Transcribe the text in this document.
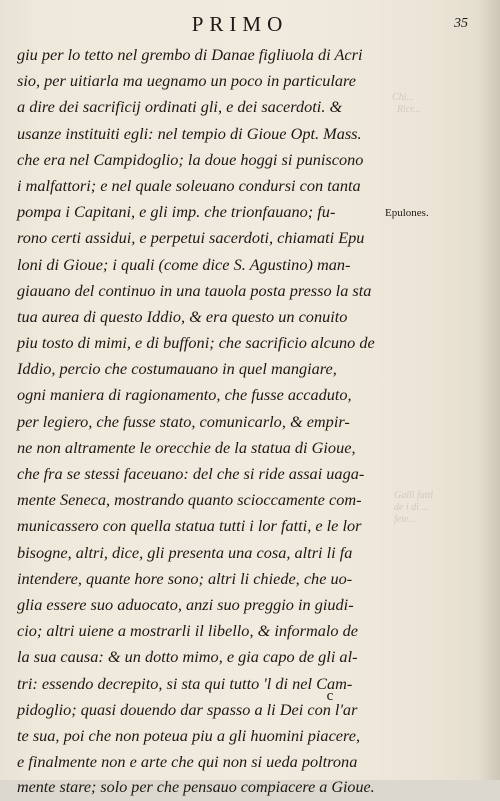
PRIMO	35
giu per lo tetto nel grembo di Danae figliuola di Acri
sio, per uitiarla ma uegnamo un poco in particulare
a dire dei sacrificij ordinati gli, e dei sacerdoti. &
usanze instituiti egli: nel tempio di Gioue Opt. Mass.
che era nel Campidoglio; la doue hoggi si puniscono
i malfattori; e nel quale soleuano condursi con tanta
pompa i Capitani, e gli imp. che trionfauano; fu-
rono certi assidui, e perpetui sacerdoti, chiamati Epu
loni di Gioue; i quali (come dice S. Agustino) man-
giauano del continuo in una tauola posta presso la sta
tua aurea di questo Iddio, & era questo un conuito
piu tosto di mimi, e di buffoni; che sacrificio alcuno de
Iddio, percio che costumauano in quel mangiare,
ogni maniera di ragionamento, che fusse accaduto,
per legiero, che fusse stato, comunicarlo, & empir-
ne non altramente le orecchie de la statua di Gioue,
che fra se stessi faceuano: del che si ride assai uaga-
mente Seneca, mostrando quanto scioccamente com-
municassero con quella statua tutti i lor fatti, e le lor
bisogne, altri, dice, gli presenta una cosa, altri li fa
intendere, quante hore sono; altri li chiede, che uo-
glia essere suo aduocato, anzi suo preggio in giudi-
cio; altri uiene a mostrarli il libello, & informalo de
la sua causa: & un dotto mimo, e gia capo de gli al-
tri: essendo decrepito, si sta qui tutto 'l di nel Cam-
pidoglio; quasi douendo dar spasso a li Dei con l'ar
te sua, poi che non poteua piu a gli huomini piacere,
e finalmente non e arte che qui non si ueda poltrona
mente stare; solo per che pensauo compiacere a Gioue.
Epulones.
Chi...
Ricr...
Galli fatti
de i di ...
fete...
c
